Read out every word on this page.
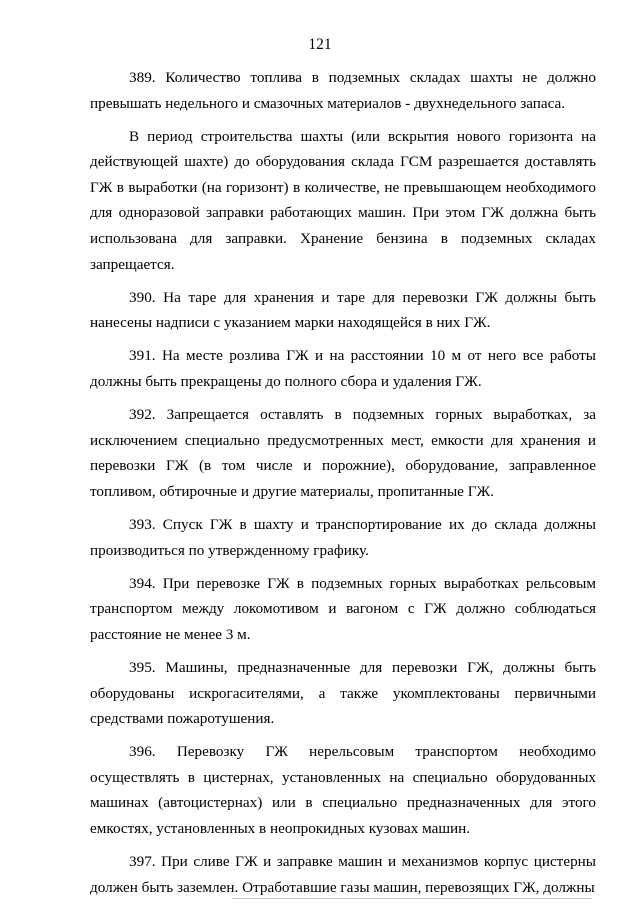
121

389. Количество топлива в подземных складах шахты не должно превышать недельного и смазочных материалов - двухнедельного запаса.

В период строительства шахты (или вскрытия нового горизонта на действующей шахте) до оборудования склада ГСМ разрешается доставлять ГЖ в выработки (на горизонт) в количестве, не превышающем необходимого для одноразовой заправки работающих машин. При этом ГЖ должна быть использована для заправки. Хранение бензина в подземных складах запрещается.

390. На таре для хранения и таре для перевозки ГЖ должны быть нанесены надписи с указанием марки находящейся в них ГЖ.

391. На месте розлива ГЖ и на расстоянии 10 м от него все работы должны быть прекращены до полного сбора и удаления ГЖ.

392. Запрещается оставлять в подземных горных выработках, за исключением специально предусмотренных мест, емкости для хранения и перевозки ГЖ (в том числе и порожние), оборудование, заправленное топливом, обтирочные и другие материалы, пропитанные ГЖ.

393. Спуск ГЖ в шахту и транспортирование их до склада должны производиться по утвержденному графику.

394. При перевозке ГЖ в подземных горных выработках рельсовым транспортом между локомотивом и вагоном с ГЖ должно соблюдаться расстояние не менее 3 м.

395. Машины, предназначенные для перевозки ГЖ, должны быть оборудованы искрогасителями, а также укомплектованы первичными средствами пожаротушения.

396. Перевозку ГЖ нерельсовым транспортом необходимо осуществлять в цистернах, установленных на специально оборудованных машинах (автоцистернах) или в специально предназначенных для этого емкостях, установленных в неопрокидных кузовах машин.

397. При сливе ГЖ и заправке машин и механизмов корпус цистерны должен быть заземлен. Отработавшие газы машин, перевозящих ГЖ, должны
